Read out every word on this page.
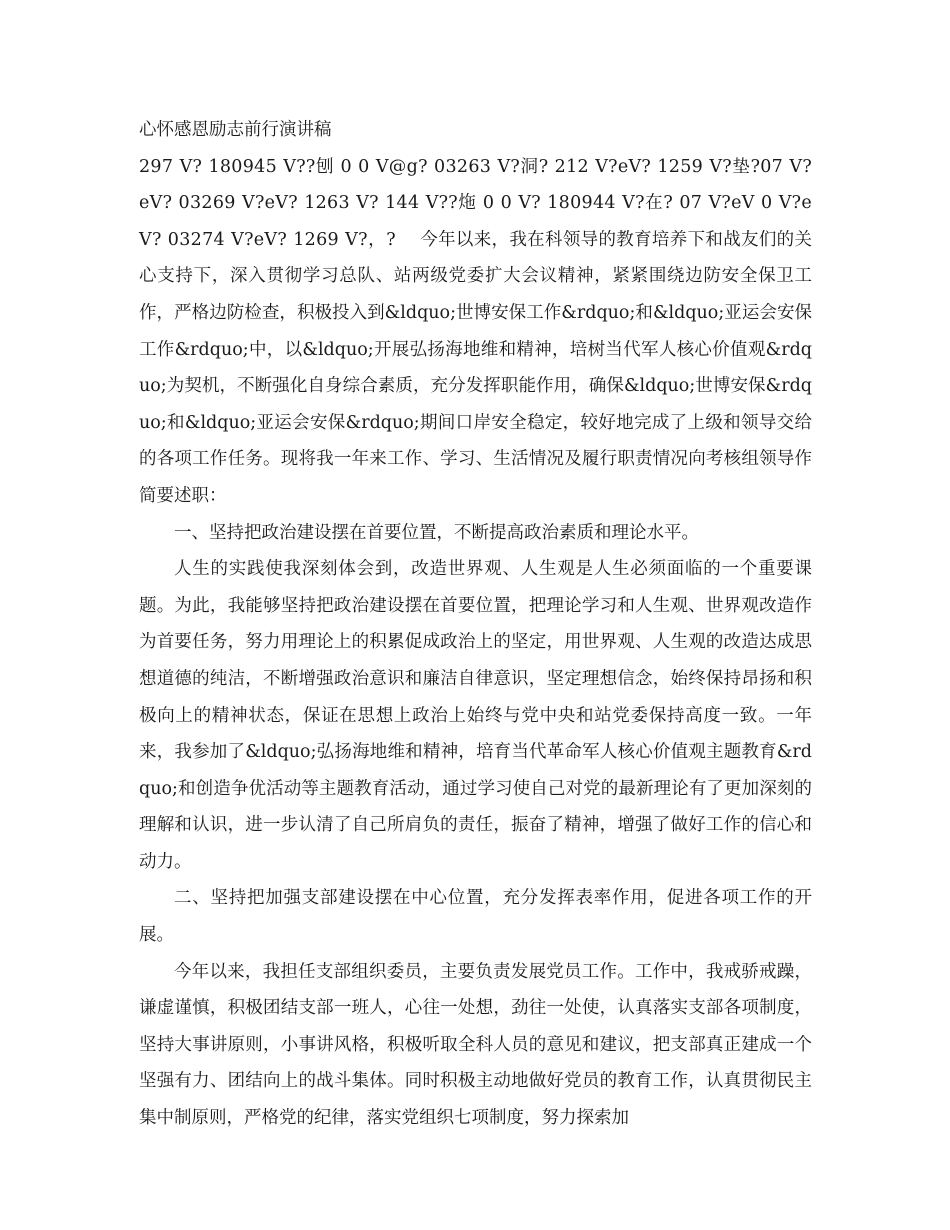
心怀感恩励志前行演讲稿

297 V? 180945 V??刨 0 0 V@g? 03263 V?洞? 212 V?eV? 1259 V?垫?07 V?eV? 03269 V?eV? 1263 V? 144 V??炧 0 0 V? 180944 V?在? 07 V?eV 0 V?eV? 03274 V?eV? 1269 V?，? 今年以来，我在科领导的教育培养下和战友们的关心支持下，深入贯彻学习总队、站两级党委扩大会议精神，紧紧围绕边防安全保卫工作，严格边防检查，积极投入到&ldquo;世博安保工作&rdquo;和&ldquo;亚运会安保工作&rdquo;中，以&ldquo;开展弘扬海地维和精神，培树当代军人核心价值观&rdquo;为契机，不断强化自身综合素质，充分发挥职能作用，确保&ldquo;世博安保&rdquo;和&ldquo;亚运会安保&rdquo;期间口岸安全稳定，较好地完成了上级和领导交给的各项工作任务。现将我一年来工作、学习、生活情况及履行职责情况向考核组领导作简要述职：

一、坚持把政治建设摆在首要位置，不断提高政治素质和理论水平。

人生的实践使我深刻体会到，改造世界观、人生观是人生必须面临的一个重要课题。为此，我能够坚持把政治建设摆在首要位置，把理论学习和人生观、世界观改造作为首要任务，努力用理论上的积累促成政治上的坚定，用世界观、人生观的改造达成思想道德的纯洁，不断增强政治意识和廉洁自律意识，坚定理想信念，始终保持昂扬和积极向上的精神状态，保证在思想上政治上始终与党中央和站党委保持高度一致。一年来，我参加了&ldquo;弘扬海地维和精神，培育当代革命军人核心价值观主题教育&rdquo;和创造争优活动等主题教育活动，通过学习使自己对党的最新理论有了更加深刻的理解和认识，进一步认清了自己所肩负的责任，振奋了精神，增强了做好工作的信心和动力。

二、坚持把加强支部建设摆在中心位置，充分发挥表率作用，促进各项工作的开展。

今年以来，我担任支部组织委员，主要负责发展党员工作。工作中，我戒骄戒躁，谦虚谨慎，积极团结支部一班人，心往一处想，劲往一处使，认真落实支部各项制度，坚持大事讲原则，小事讲风格，积极听取全科人员的意见和建议，把支部真正建成一个坚强有力、团结向上的战斗集体。同时积极主动地做好党员的教育工作，认真贯彻民主集中制原则，严格党的纪律，落实党组织七项制度，努力探索加
